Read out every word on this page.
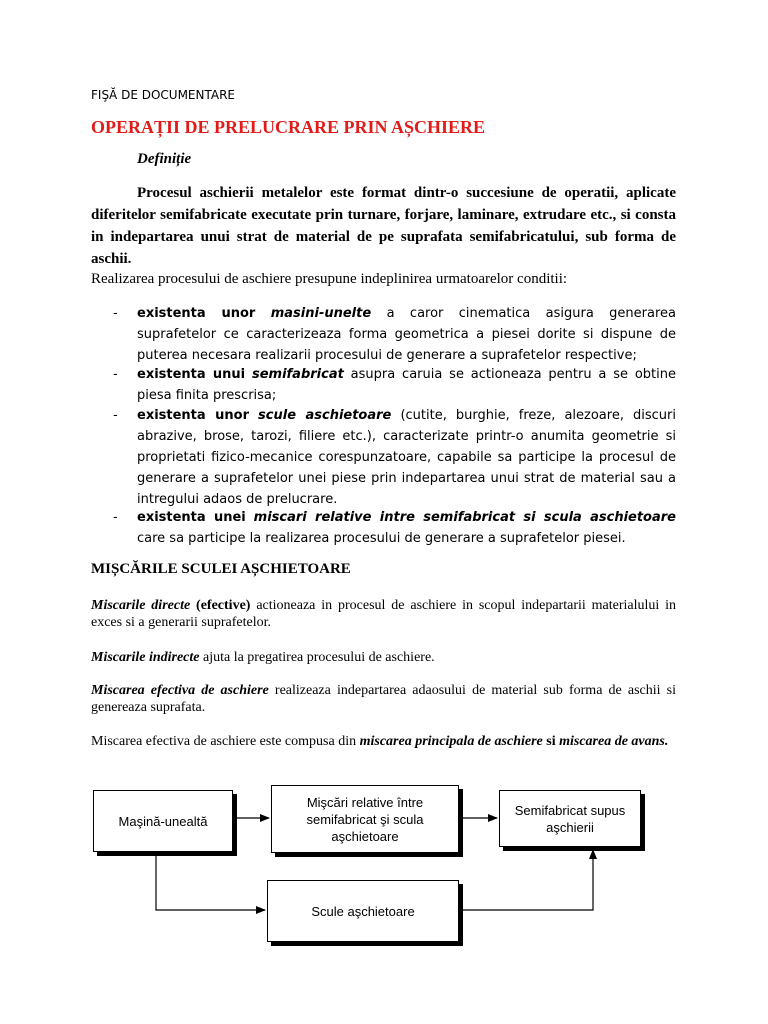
FIŞĂ DE DOCUMENTARE
OPERAȚII DE PRELUCRARE PRIN AȘCHIERE
Definiție
Procesul aschierii metalelor este format dintr-o succesiune de operatii, aplicate diferitelor semifabricate executate prin turnare, forjare, laminare, extrudare etc., si consta in indepartarea unui strat de material de pe suprafata semifabricatului, sub forma de aschii.
Realizarea procesului de aschiere presupune indeplinirea urmatoarelor conditii:
- existenta unor masini-unelte a caror cinematica asigura generarea suprafetelor ce caracterizeaza forma geometrica a piesei dorite si dispune de puterea necesara realizarii procesului de generare a suprafetelor respective;
- existenta unui semifabricat asupra caruia se actioneaza pentru a se obtine piesa finita prescrisa;
- existenta unor scule aschietoare (cutite, burghie, freze, alezoare, discuri abrazive, brose, tarozi, filiere etc.), caracterizate printr-o anumita geometrie si proprietati fizico-mecanice corespunzatoare, capabile sa participe la procesul de generare a suprafetelor unei piese prin indepartarea unui strat de material sau a intregului adaos de prelucrare.
- existenta unei miscari relative intre semifabricat si scula aschietoare care sa participe la realizarea procesului de generare a suprafetelor piesei.
MIȘCĂRILE SCULEI AȘCHIETOARE
Miscarile directe (efective) actioneaza in procesul de aschiere in scopul indepartarii materialului in exces si a generarii suprafetelor.
Miscarile indirecte ajuta la pregatirea procesului de aschiere.
Miscarea efectiva de aschiere realizeaza indepartarea adaosului de material sub forma de aschii si genereaza suprafata.
Miscarea efectiva de aschiere este compusa din miscarea principala de aschiere si miscarea de avans.
Maşină-unealtă
Mişcări relative între semifabricat şi scula aşchietoare
Semifabricat supus aşchierii
Scule aşchietoare
